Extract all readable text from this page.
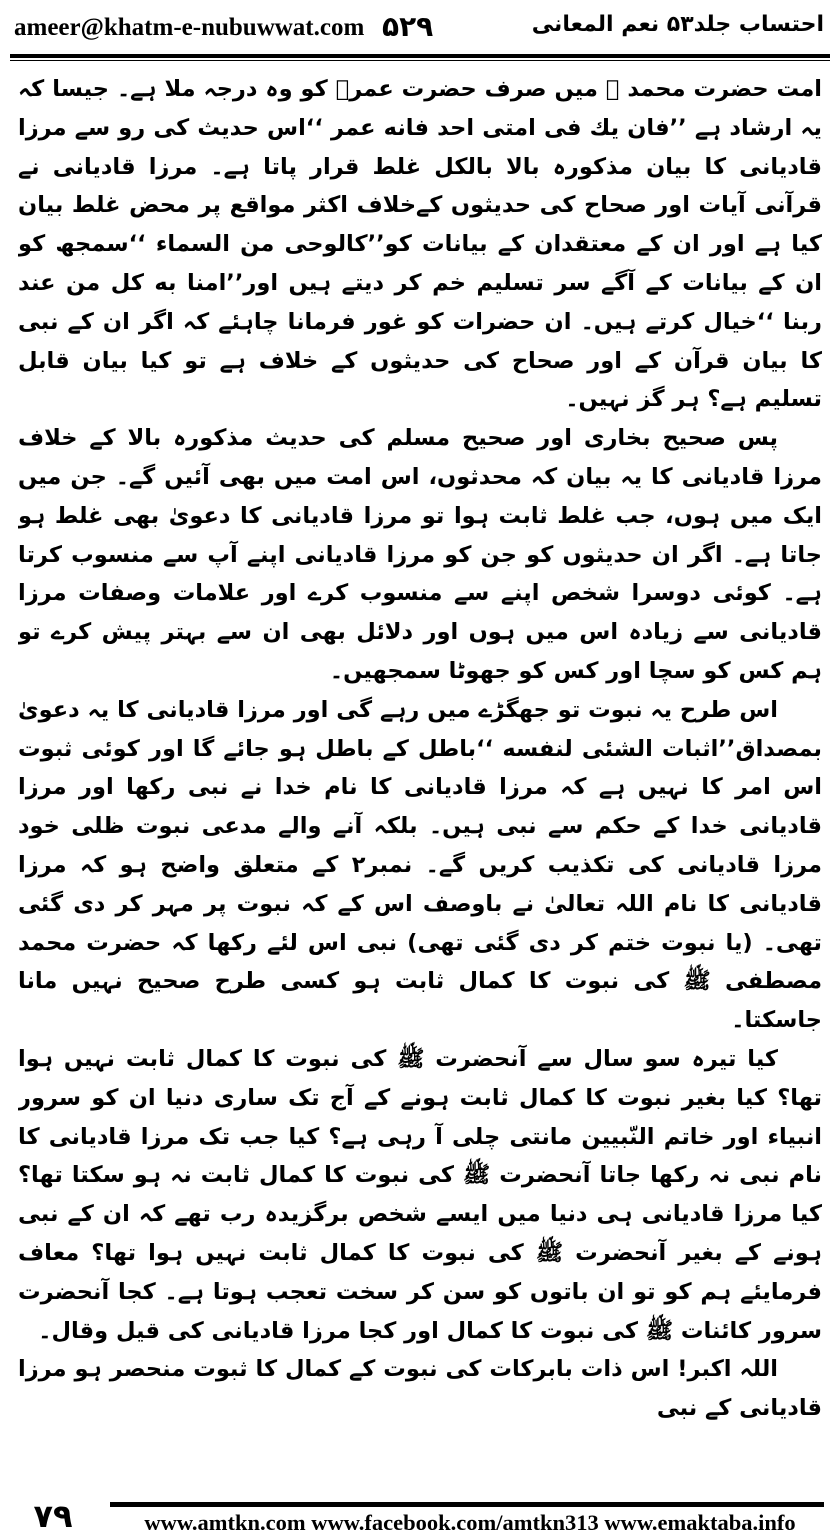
ameer@khatm-e-nubuwwat.com ۵۲۹	احتساب جلد۵۳ نعم المعانی

امت حضرت محمد ﷺ میں صرف حضرت عمرؓ کو وہ درجہ ملا ہے۔ جیسا کہ یہ ارشاد ہے ’’فان یك فی امتی احد فانه عمر ‘‘اس حدیث کی رو سے مرزا قادیانی کا بیان مذکورہ بالا بالکل غلط قرار پاتا ہے۔ مرزا قادیانی نے قرآنی آیات اور صحاح کی حدیثوں کےخلاف اکثر مواقع پر محض غلط بیان کیا ہے اور ان کے معتقدان کے بیانات کو’’کالوحی من السماء ‘‘سمجھ کو ان کے بیانات کے آگے سر تسلیم خم کر دیتے ہیں اور’’امنا به کل من عند ربنا ‘‘خیال کرتے ہیں۔ ان حضرات کو غور فرمانا چاہئے کہ اگر ان کے نبی کا بیان قرآن کے اور صحاح کی حدیثوں کے خلاف ہے تو کیا بیان قابل تسلیم ہے؟ ہر گز نہیں۔

پس صحیح بخاری اور صحیح مسلم کی حدیث مذکورہ بالا کے خلاف مرزا قادیانی کا یہ بیان کہ محدثوں، اس امت میں بھی آئیں گے۔ جن میں ایک میں ہوں، جب غلط ثابت ہوا تو مرزا قادیانی کا دعویٰ بھی غلط ہو جاتا ہے۔ اگر ان حدیثوں کو جن کو مرزا قادیانی اپنے آپ سے منسوب کرتا ہے۔ کوئی دوسرا شخص اپنے سے منسوب کرے اور علامات وصفات مرزا قادیانی سے زیادہ اس میں ہوں اور دلائل بھی ان سے بہتر پیش کرے تو ہم کس کو سچا اور کس کو جھوٹا سمجھیں۔

اس طرح یہ نبوت تو جھگڑے میں رہے گی اور مرزا قادیانی کا یہ دعویٰ بمصداق’’اثبات الشئی لنفسه ‘‘باطل کے باطل ہو جائے گا اور کوئی ثبوت اس امر کا نہیں ہے کہ مرزا قادیانی کا نام خدا نے نبی رکھا اور مرزا قادیانی خدا کے حکم سے نبی ہیں۔ بلکہ آنے والے مدعی نبوت ظلی خود مرزا قادیانی کی تکذیب کریں گے۔ نمبر۲ کے متعلق واضح ہو کہ مرزا قادیانی کا نام اللہ تعالیٰ نے باوصف اس کے کہ نبوت پر مہر کر دی گئی تھی۔ (یا نبوت ختم کر دی گئی تھی) نبی اس لئے رکھا کہ حضرت محمد مصطفی ﷺ کی نبوت کا کمال ثابت ہو کسی طرح صحیح نہیں مانا جاسکتا۔

کیا تیرہ سو سال سے آنحضرت ﷺ کی نبوت کا کمال ثابت نہیں ہوا تھا؟ کیا بغیر نبوت کا کمال ثابت ہونے کے آج تک ساری دنیا ان کو سرور انبیاء اور خاتم النّبیین مانتی چلی آ رہی ہے؟ کیا جب تک مرزا قادیانی کا نام نبی نہ رکھا جاتا آنحضرت ﷺ کی نبوت کا کمال ثابت نہ ہو سکتا تھا؟ کیا مرزا قادیانی ہی دنیا میں ایسے شخص برگزیدہ رب تھے کہ ان کے نبی ہونے کے بغیر آنحضرت ﷺ کی نبوت کا کمال ثابت نہیں ہوا تھا؟ معاف فرمایئے ہم کو تو ان باتوں کو سن کر سخت تعجب ہوتا ہے۔ کجا آنحضرت سرور کائنات ﷺ کی نبوت کا کمال اور کجا مرزا قادیانی کی قیل وقال۔

اللہ اکبر! اس ذات بابرکات کی نبوت کے کمال کا ثبوت منحصر ہو مرزا قادیانی کے نبی

۷۹	www.amtkn.com www.facebook.com/amtkn313 www.emaktaba.info
